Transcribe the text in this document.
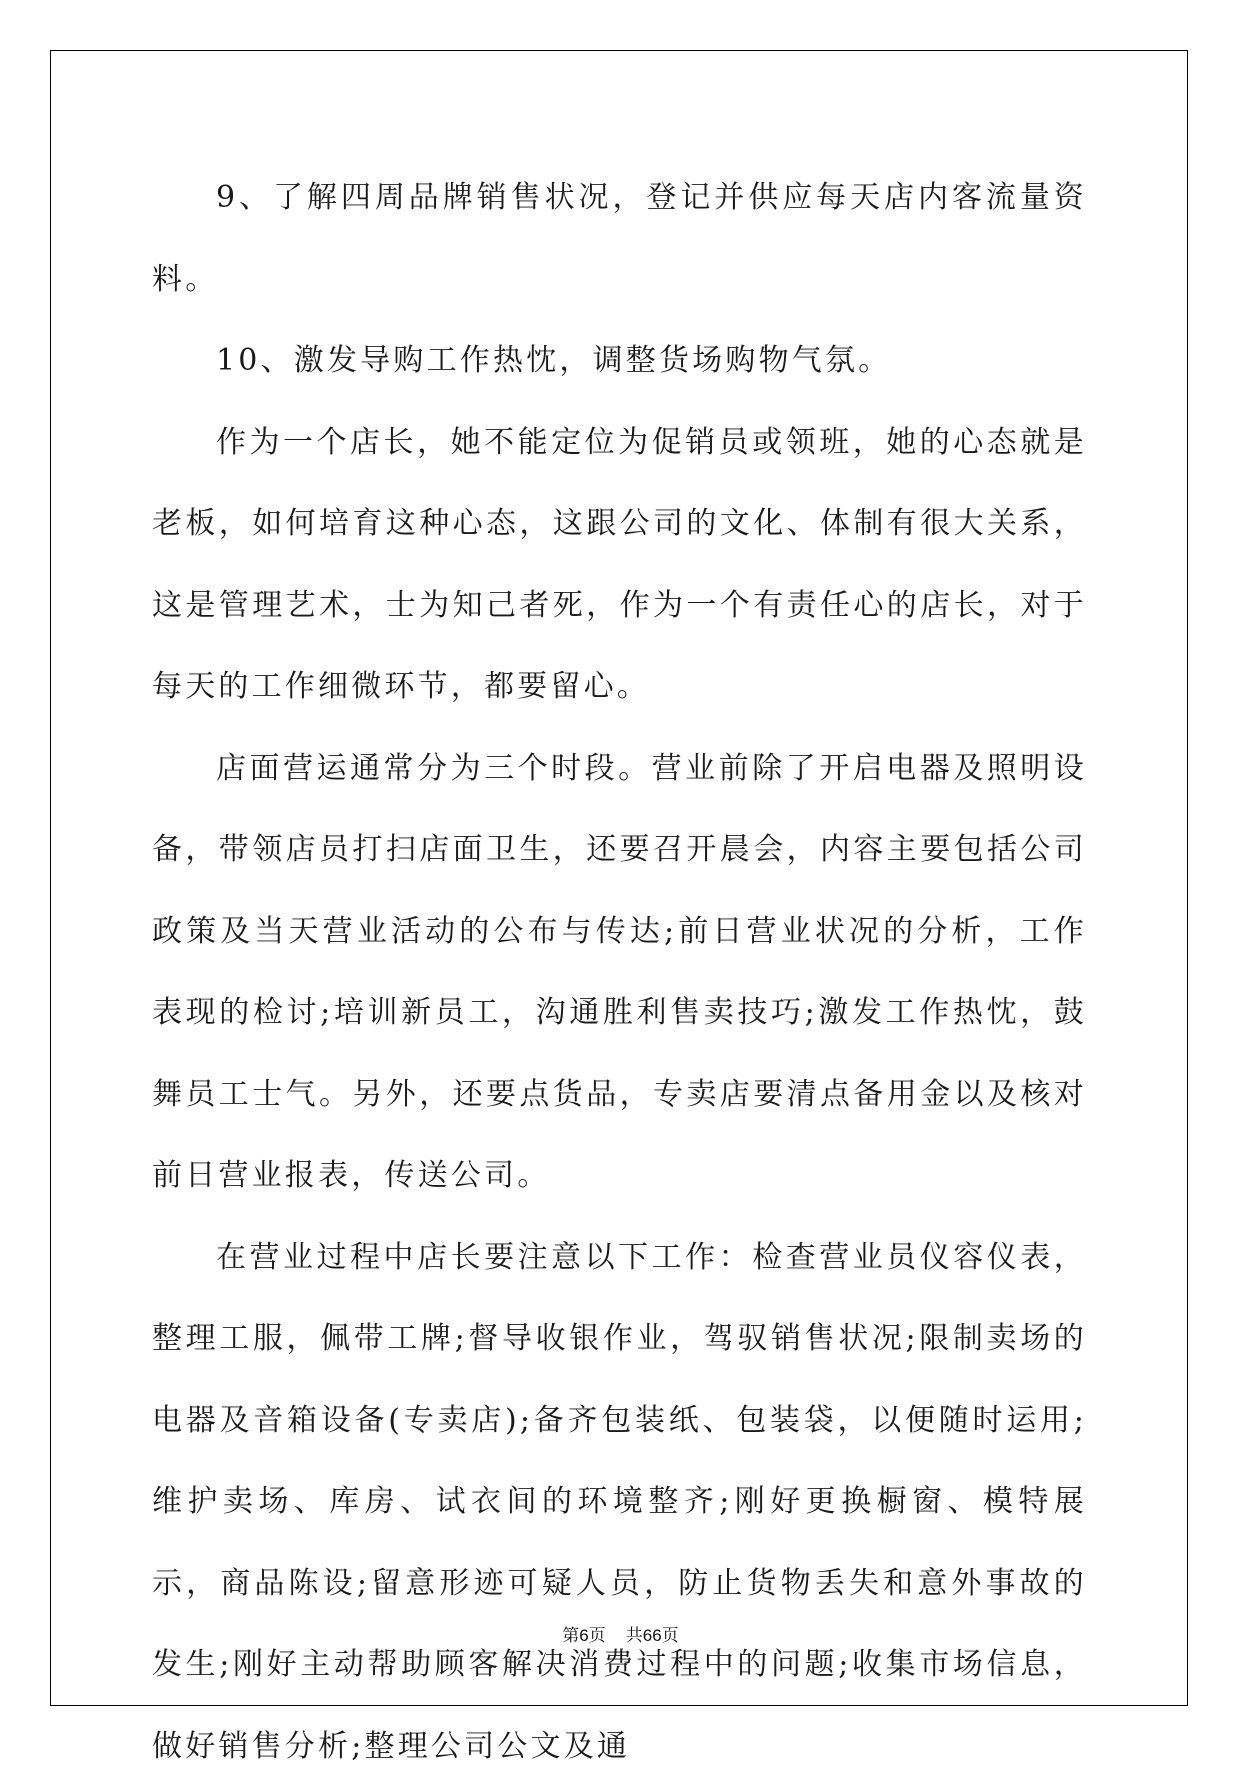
9、了解四周品牌销售状况，登记并供应每天店内客流量资料。

10、激发导购工作热忱，调整货场购物气氛。

作为一个店长，她不能定位为促销员或领班，她的心态就是老板，如何培育这种心态，这跟公司的文化、体制有很大关系，这是管理艺术，士为知己者死，作为一个有责任心的店长，对于每天的工作细微环节，都要留心。

店面营运通常分为三个时段。营业前除了开启电器及照明设备，带领店员打扫店面卫生，还要召开晨会，内容主要包括公司政策及当天营业活动的公布与传达;前日营业状况的分析，工作表现的检讨;培训新员工，沟通胜利售卖技巧;激发工作热忱，鼓舞员工士气。另外，还要点货品，专卖店要清点备用金以及核对前日营业报表，传送公司。

在营业过程中店长要注意以下工作：检查营业员仪容仪表，整理工服，佩带工牌;督导收银作业，驾驭销售状况;限制卖场的电器及音箱设备(专卖店);备齐包装纸、包装袋，以便随时运用;维护卖场、库房、试衣间的环境整齐;刚好更换橱窗、模特展示，商品陈设;留意形迹可疑人员，防止货物丢失和意外事故的发生;刚好主动帮助顾客解决消费过程中的问题;收集市场信息，做好销售分析;整理公司公文及通

第6页 共66页
